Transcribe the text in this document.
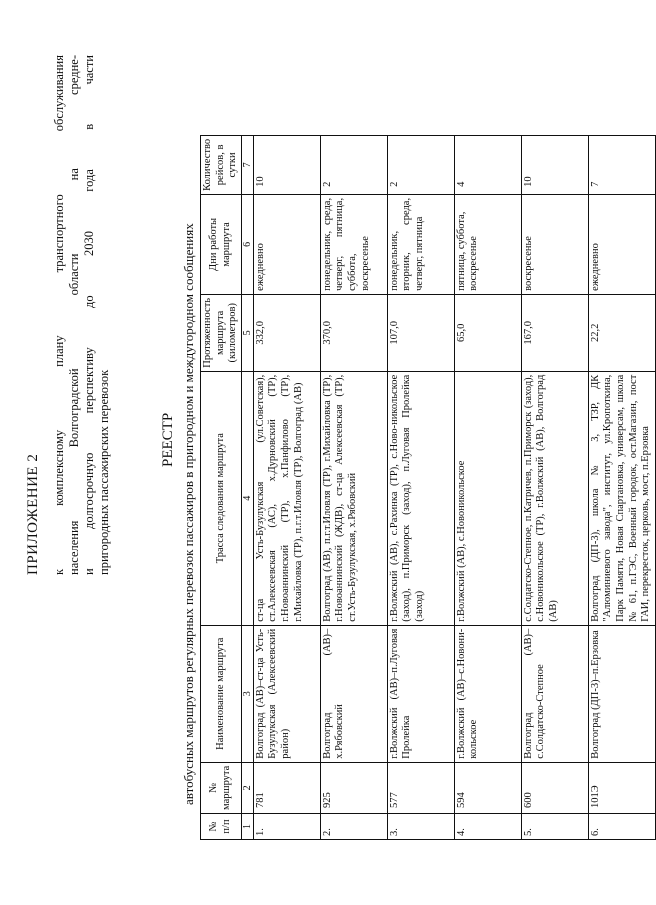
ПРИЛОЖЕНИЕ 2 к комплексному плану транспортного обслуживания населения Волгоградской области на средне- и долгосрочную перспективу до 2030 года в части пригородных пассажирских перевозок	РЕЕСТР автобусных маршрутов регулярных перевозок пассажиров в пригородном и междугородном сообщениях
№ п/п	№ маршрута	Наименование маршрута	Трасса следования маршрута	Протяженность маршрута (километров)	Дни работы маршрута	Количество рейсов, в сутки
1	2	3	4	5	6	7
1.	781	Волгоград (АВ)–ст-ца Усть-Бузулукская (Алексеевский район)	ст-ца Усть-Бузулукская (ул.Советская), ст.Алексеевская (АС), х.Дурновский (ТР), г.Новоаннинский (ТР), х.Панфилово (ТР), г.Михайловка (ТР), п.г.т.Иловля (ТР), Волгоград (АВ)	332,0	ежедневно	10
2.	925	Волгоград (АВ)–х.Рябовский	Волгоград (АВ), п.г.т.Иловля (ТР), г.Михайловка (ТР), г.Новоаннинский (ЖДВ), ст-ца Алексеевская (ТР), ст.Усть-Бузулукская, х.Рябовский	370,0	понедельник, среда, четверг, пятница, суббота, воскресенье	2
3.	577	г.Волжский (АВ)–п.Луговая Пролейка	г.Волжский (АВ), с.Рахинка (ТР), с.Ново-никольское (заход), п.Приморск (заход), п.Луговая Пролейка (заход)	107,0	понедельник, вторник, среда, четверг, пятница	2
4.	594	г.Волжский (АВ)–с.Новони-кольское	г.Волжский (АВ), с.Новоникольское	65,0	пятница, суббота, воскресенье	4
5.	600	Волгоград (АВ)–с.Солдатско-Степное	с.Солдатско-Степное, п.Катричев, п.Приморск (заход), с.Новоникольское (ТР), г.Волжский (АВ), Волгоград (АВ)	167,0	воскресенье	10
6.	101Э	Волгоград (ДП-3)–п.Ерзовка	Волгоград (ДП-3), школа № 3, ТЗР, ДК "Алюминиевого завода", институт, ул.Кропоткина, Парк Памяти, Новая Спартановка, универсам, школа № 61, п.ГЭС, Военный городок, ост.Магазин, пост ГАИ, перекресток, церковь, мост, п.Ерзовка	22,2	ежедневно	7
